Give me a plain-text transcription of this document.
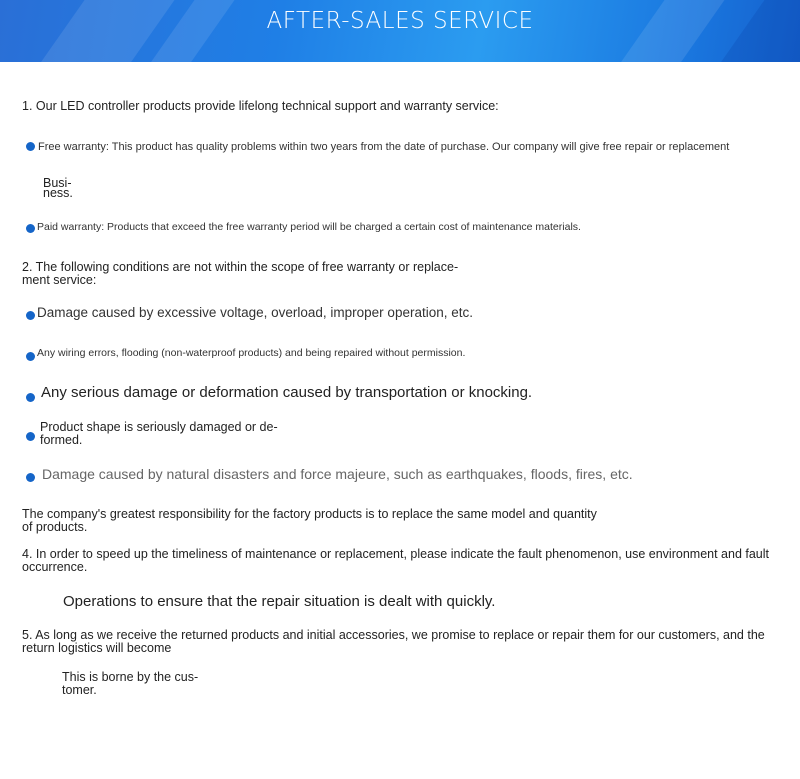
AFTER-SALES SERVICE
1. Our LED controller products provide lifelong technical support and warranty service:
Free warranty: This product has quality problems within two years from the date of purchase. Our company will give free repair or replacement
Busi-
ness.
Paid warranty: Products that exceed the free warranty period will be charged a certain cost of maintenance materials.
2. The following conditions are not within the scope of free warranty or replace-
ment service:
Damage caused by excessive voltage, overload, improper operation, etc.
Any wiring errors, flooding (non-waterproof products) and being repaired without permission.
Any serious damage or deformation caused by transportation or knocking.
Product shape is seriously damaged or de-
formed.
Damage caused by natural disasters and force majeure, such as earthquakes, floods, fires, etc.
The company's greatest responsibility for the factory products is to replace the same model and quantity
of products.
4. In order to speed up the timeliness of maintenance or replacement, please indicate the fault phenomenon, use environment and fault
occurrence.
Operations to ensure that the repair situation is dealt with quickly.
5. As long as we receive the returned products and initial accessories, we promise to replace or repair them for our customers, and the
return logistics will become
This is borne by the cus-
tomer.
